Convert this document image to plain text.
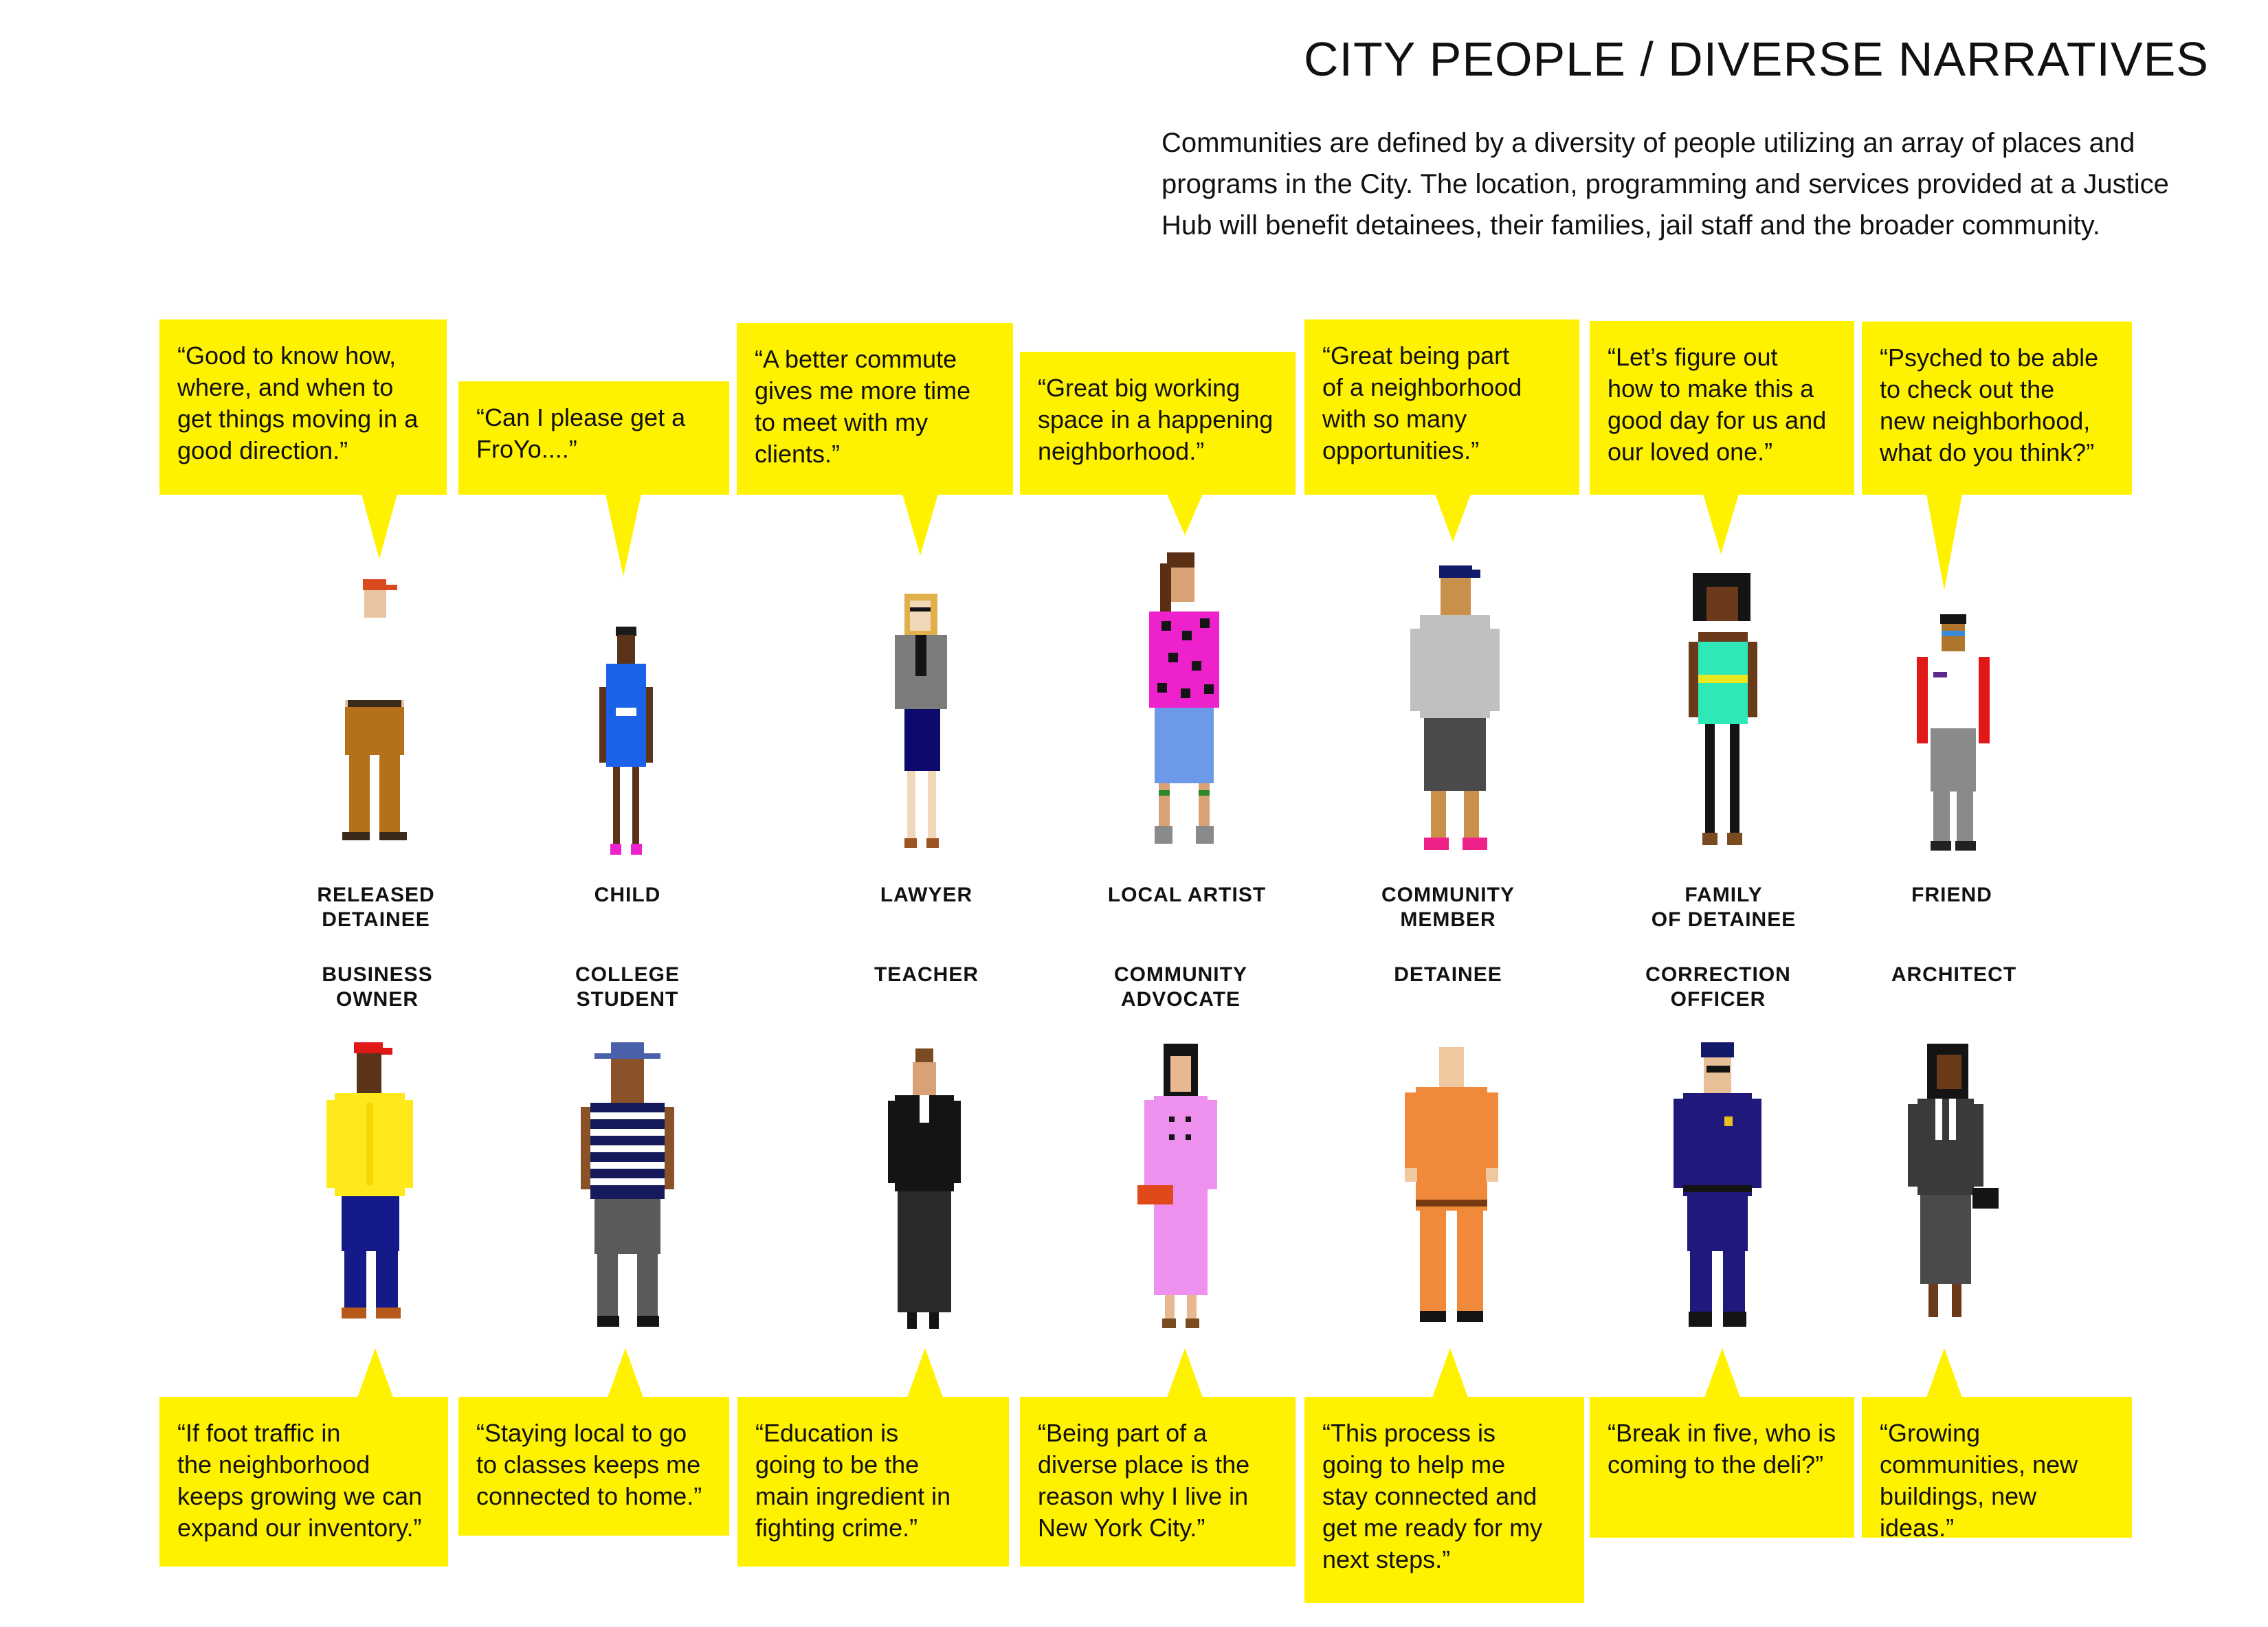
CITY PEOPLE / DIVERSE NARRATIVES

Communities are defined by a diversity of people utilizing an array of places and
programs in the City. The location, programming and services provided at a Justice
Hub will benefit detainees, their families, jail staff and the broader community.

“Good to know how,
where, and when to
get things moving in a
good direction.”

“Can I please get a
FroYo....”

“A better commute
gives me more time
to meet with my
clients.”

“Great big working
space in a happening
neighborhood.”

“Great being part
of a neighborhood
with so many
opportunities.”

“Let’s figure out
how to make this a
good day for us and
our loved one.”

“Psyched to be able
to check out the
new neighborhood,
what do you think?”

RELEASED
DETAINEE

CHILD	LAWYER	LOCAL ARTIST	COMMUNITY
MEMBER

FAMILY
OF DETAINEE

FRIEND

BUSINESS
OWNER

COLLEGE
STUDENT

TEACHER	COMMUNITY
ADVOCATE

DETAINEE	CORRECTION
OFFICER

ARCHITECT

“If foot traffic in
the neighborhood
keeps growing we can
expand our inventory.”

“Staying local to go
to classes keeps me
connected to home.”

“Education is
going to be the
main ingredient in
fighting crime.”

“Being part of a
diverse place is the
reason why I live in
New York City.”

“This process is
going to help me
stay connected and
get me ready for my
next steps.”

“Break in five, who is
coming to the deli?”

“Growing
communities, new
buildings, new ideas.”
